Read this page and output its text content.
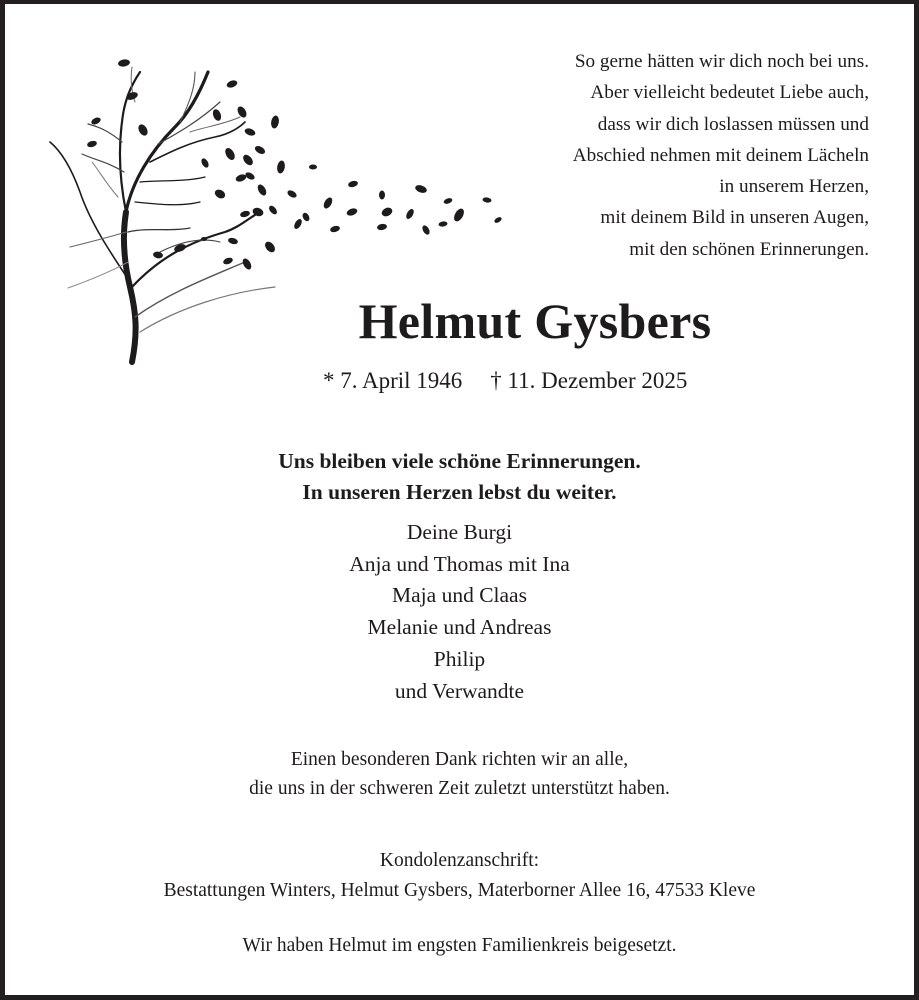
So gerne hätten wir dich noch bei uns.
Aber vielleicht bedeutet Liebe auch,
dass wir dich loslassen müssen und
Abschied nehmen mit deinem Lächeln
in unserem Herzen,
mit deinem Bild in unseren Augen,
mit den schönen Erinnerungen.
Helmut Gysbers
* 7. April 1946 † 11. Dezember 2025
Uns bleiben viele schöne Erinnerungen.
In unseren Herzen lebst du weiter.
Deine Burgi
Anja und Thomas mit Ina
Maja und Claas
Melanie und Andreas
Philip
und Verwandte
Einen besonderen Dank richten wir an alle,
die uns in der schweren Zeit zuletzt unterstützt haben.
Kondolenzanschrift:
Bestattungen Winters, Helmut Gysbers, Materborner Allee 16, 47533 Kleve
Wir haben Helmut im engsten Familienkreis beigesetzt.
